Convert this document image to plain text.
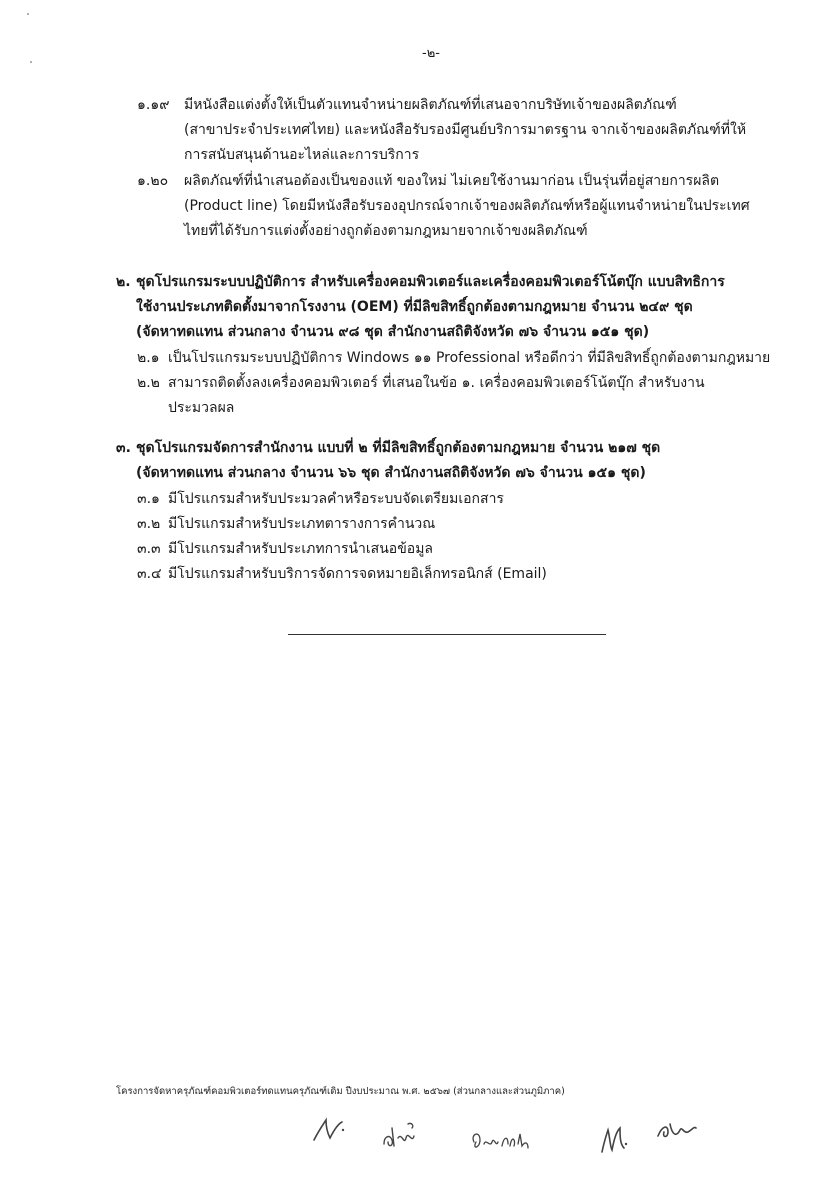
-๒-
๑.๑๙ มีหนังสือแต่งตั้งให้เป็นตัวแทนจำหน่ายผลิตภัณฑ์ที่เสนอจากบริษัทเจ้าของผลิตภัณฑ์
(สาขาประจำประเทศไทย) และหนังสือรับรองมีศูนย์บริการมาตรฐาน จากเจ้าของผลิตภัณฑ์ที่ให้
การสนับสนุนด้านอะไหล่และการบริการ
๑.๒๐ ผลิตภัณฑ์ที่นำเสนอต้องเป็นของแท้ ของใหม่ ไม่เคยใช้งานมาก่อน เป็นรุ่นที่อยู่สายการผลิต
(Product line) โดยมีหนังสือรับรองอุปกรณ์จากเจ้าของผลิตภัณฑ์หรือผู้แทนจำหน่ายในประเทศ
ไทยที่ได้รับการแต่งตั้งอย่างถูกต้องตามกฎหมายจากเจ้าขงผลิตภัณฑ์
๒. ชุดโปรแกรมระบบปฏิบัติการ สำหรับเครื่องคอมพิวเตอร์และเครื่องคอมพิวเตอร์โน้ตบุ๊ก แบบสิทธิการ
ใช้งานประเภทติดตั้งมาจากโรงงาน (OEM) ที่มีลิขสิทธิ์ถูกต้องตามกฎหมาย จำนวน ๒๔๙ ชุด
(จัดหาทดแทน ส่วนกลาง จำนวน ๙๘ ชุด สำนักงานสถิติจังหวัด ๗๖ จำนวน ๑๕๑ ชุด)
๒.๑ เป็นโปรแกรมระบบปฏิบัติการ Windows ๑๑ Professional หรือดีกว่า ที่มีลิขสิทธิ์ถูกต้องตามกฎหมาย
๒.๒ สามารถติดตั้งลงเครื่องคอมพิวเตอร์ ที่เสนอในข้อ ๑. เครื่องคอมพิวเตอร์โน้ตบุ๊ก สำหรับงาน
ประมวลผล
๓. ชุดโปรแกรมจัดการสำนักงาน แบบที่ ๒ ที่มีลิขสิทธิ์ถูกต้องตามกฎหมาย จำนวน ๒๑๗ ชุด
(จัดหาทดแทน ส่วนกลาง จำนวน ๖๖ ชุด สำนักงานสถิติจังหวัด ๗๖ จำนวน ๑๕๑ ชุด)
๓.๑ มีโปรแกรมสำหรับประมวลคำหรือระบบจัดเตรียมเอกสาร
๓.๒ มีโปรแกรมสำหรับประเภทตารางการคำนวณ
๓.๓ มีโปรแกรมสำหรับประเภทการนำเสนอข้อมูล
๓.๔ มีโปรแกรมสำหรับบริการจัดการจดหมายอิเล็กทรอนิกส์ (Email)
โครงการจัดหาครุภัณฑ์คอมพิวเตอร์ทดแทนครุภัณฑ์เดิม ปีงบประมาณ พ.ศ. ๒๕๖๗ (ส่วนกลางและส่วนภูมิภาค)
